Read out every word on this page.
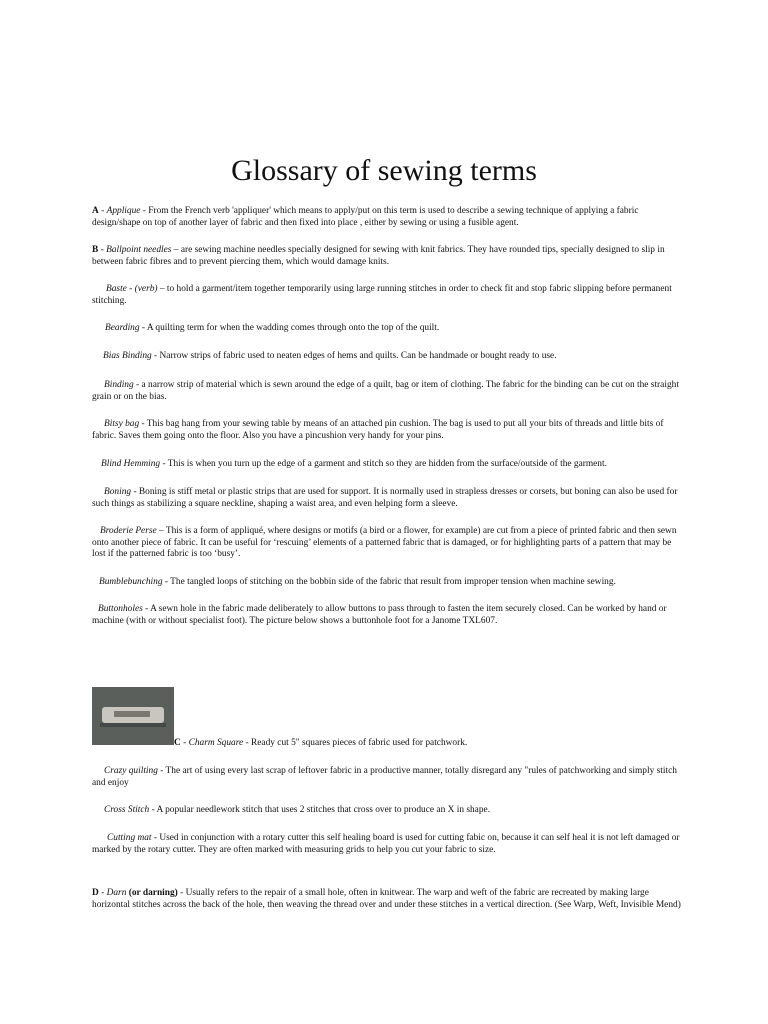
Glossary of sewing terms

A - Applique - From the French verb 'appliquer' which means to apply/put on this term is used to describe a sewing technique of applying a fabric design/shape on top of another layer of fabric and then fixed into place , either by sewing or using a fusible agent.

B - Ballpoint needles – are sewing machine needles specially designed for sewing with knit fabrics. They have rounded tips, specially designed to slip in between fabric fibres and to prevent piercing them, which would damage knits.

Baste - (verb) – to hold a garment/item together temporarily using large running stitches in order to check fit and stop fabric slipping before permanent stitching.

Bearding - A quilting term for when the wadding comes through onto the top of the quilt.

Bias Binding - Narrow strips of fabric used to neaten edges of hems and quilts. Can be handmade or bought ready to use.

Binding - a narrow strip of material which is sewn around the edge of a quilt, bag or item of clothing. The fabric for the binding can be cut on the straight grain or on the bias.

Bitsy bag - This bag hang from your sewing table by means of an attached pin cushion. The bag is used to put all your bits of threads and little bits of fabric. Saves them going onto the floor. Also you have a pincushion very handy for your pins.

Blind Hemming - This is when you turn up the edge of a garment and stitch so they are hidden from the surface/outside of the garment.

Boning - Boning is stiff metal or plastic strips that are used for support. It is normally used in strapless dresses or corsets, but boning can also be used for such things as stabilizing a square neckline, shaping a waist area, and even helping form a sleeve.

Broderie Perse – This is a form of appliqué, where designs or motifs (a bird or a flower, for example) are cut from a piece of printed fabric and then sewn onto another piece of fabric. It can be useful for ‘rescuing’ elements of a patterned fabric that is damaged, or for highlighting parts of a pattern that may be lost if the patterned fabric is too ‘busy’.

Bumblebunching - The tangled loops of stitching on the bobbin side of the fabric that result from improper tension when machine sewing.

Buttonholes - A sewn hole in the fabric made deliberately to allow buttons to pass through to fasten the item securely closed. Can be worked by hand or machine (with or without specialist foot). The picture below shows a buttonhole foot for a Janome TXL607.

C - Charm Square - Ready cut 5" squares pieces of fabric used for patchwork.

Crazy quilting - The art of using every last scrap of leftover fabric in a productive manner, totally disregard any "rules of patchworking and simply stitch and enjoy

Cross Stitch - A popular needlework stitch that uses 2 stitches that cross over to produce an X in shape.

Cutting mat - Used in conjunction with a rotary cutter this self healing board is used for cutting fabic on, because it can self heal it is not left damaged or marked by the rotary cutter. They are often marked with measuring grids to help you cut your fabric to size.

D - Darn (or darning) - Usually refers to the repair of a small hole, often in knitwear. The warp and weft of the fabric are recreated by making large horizontal stitches across the back of the hole, then weaving the thread over and under these stitches in a vertical direction. (See Warp, Weft, Invisible Mend)
